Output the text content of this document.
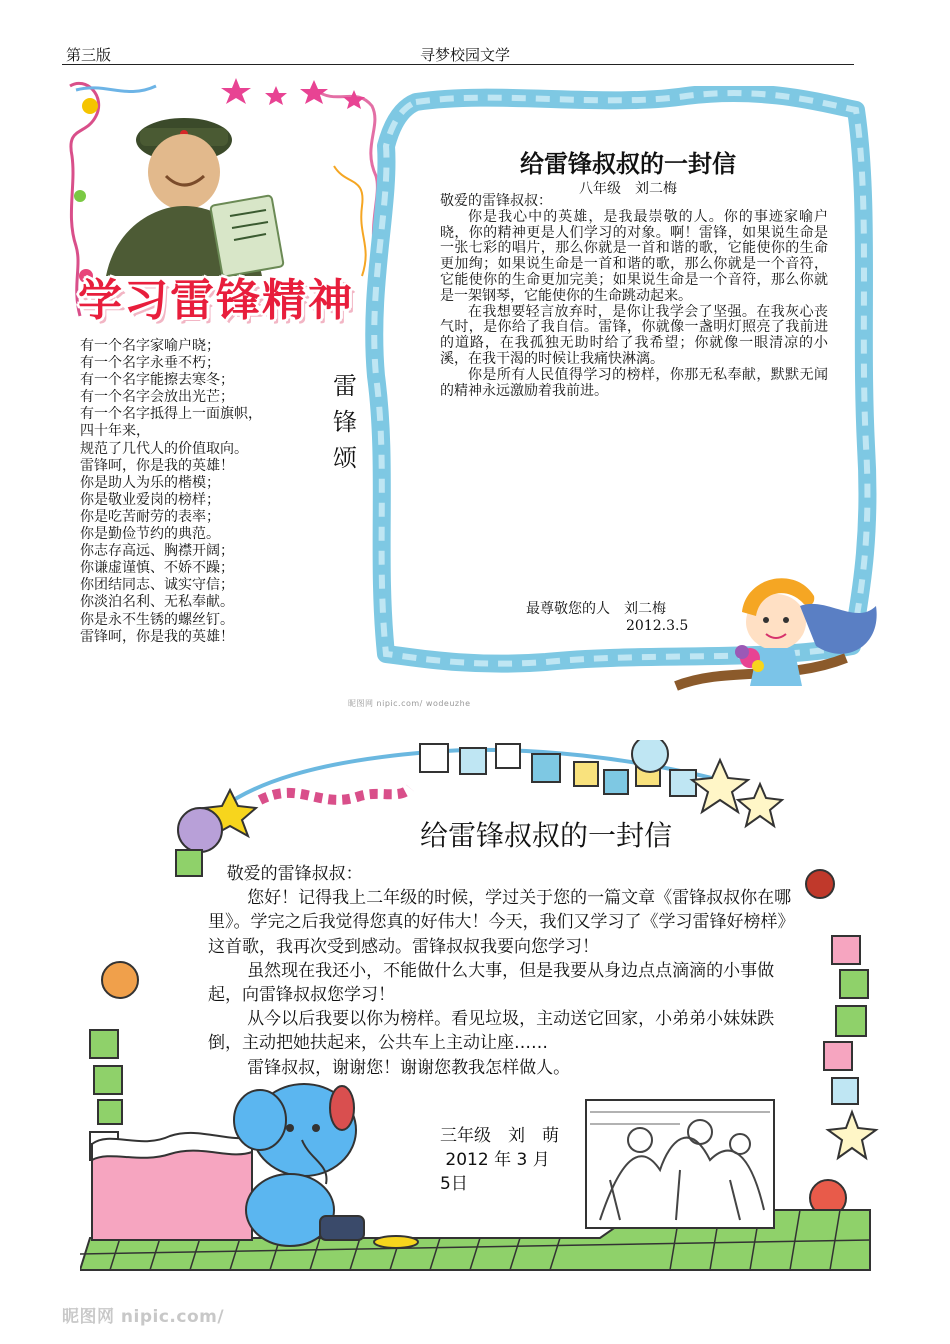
第三版	寻梦校园文学
学习雷锋精神
有一个名字家喻户晓；
有一个名字永垂不朽；
有一个名字能擦去寒冬；
有一个名字会放出光芒；
有一个名字抵得上一面旗帜，
四十年来，
规范了几代人的价值取向。
雷锋呵，你是我的英雄！
你是助人为乐的楷模；
你是敬业爱岗的榜样；
你是吃苦耐劳的表率；
你是勤俭节约的典范。
你志存高远、胸襟开阔；
你谦虚谨慎、不娇不躁；
你团结同志、诚实守信；
你淡泊名利、无私奉献。
你是永不生锈的螺丝钉。
雷锋呵，你是我的英雄！
雷
锋
颂
给雷锋叔叔的一封信
八年级　刘二梅

敬爱的雷锋叔叔：

你是我心中的英雄，是我最崇敬的人。你的事迹家喻户晓，你的精神更是人们学习的对象。啊！雷锋，如果说生命是一张七彩的唱片，那么你就是一首和谐的歌，它能使你的生命更加绚；如果说生命是一首和谐的歌，那么你就是一个音符，它能使你的生命更加完美；如果说生命是一个音符，那么你就是一架钢琴，它能使你的生命跳动起来。

在我想要轻言放弃时，是你让我学会了坚强。在我灰心丧气时，是你给了我自信。雷锋，你就像一盏明灯照亮了我前进的道路，在我孤独无助时给了我希望；你就像一眼清凉的小溪，在我干渴的时候让我痛快淋漓。

你是所有人民值得学习的榜样，你那无私奉献，默默无闻的精神永远激励着我前进。

最尊敬您的人　刘二梅
2012.3.5
昵图网 nipic.com/ wodeuzhe
给雷锋叔叔的一封信

敬爱的雷锋叔叔：

您好！记得我上二年级的时候，学过关于您的一篇文章《雷锋叔叔你在哪里》。学完之后我觉得您真的好伟大！今天，我们又学习了《学习雷锋好榜样》这首歌，我再次受到感动。雷锋叔叔我要向您学习！

虽然现在我还小，不能做什么大事，但是我要从身边点点滴滴的小事做起，向雷锋叔叔您学习！

从今以后我要以你为榜样。看见垃圾，主动送它回家，小弟弟小妹妹跌倒，主动把她扶起来，公共车上主动让座……

雷锋叔叔，谢谢您！谢谢您教我怎样做人。

三年级　刘　萌
2012 年 3 月
5日
昵图网 nipic.com/
